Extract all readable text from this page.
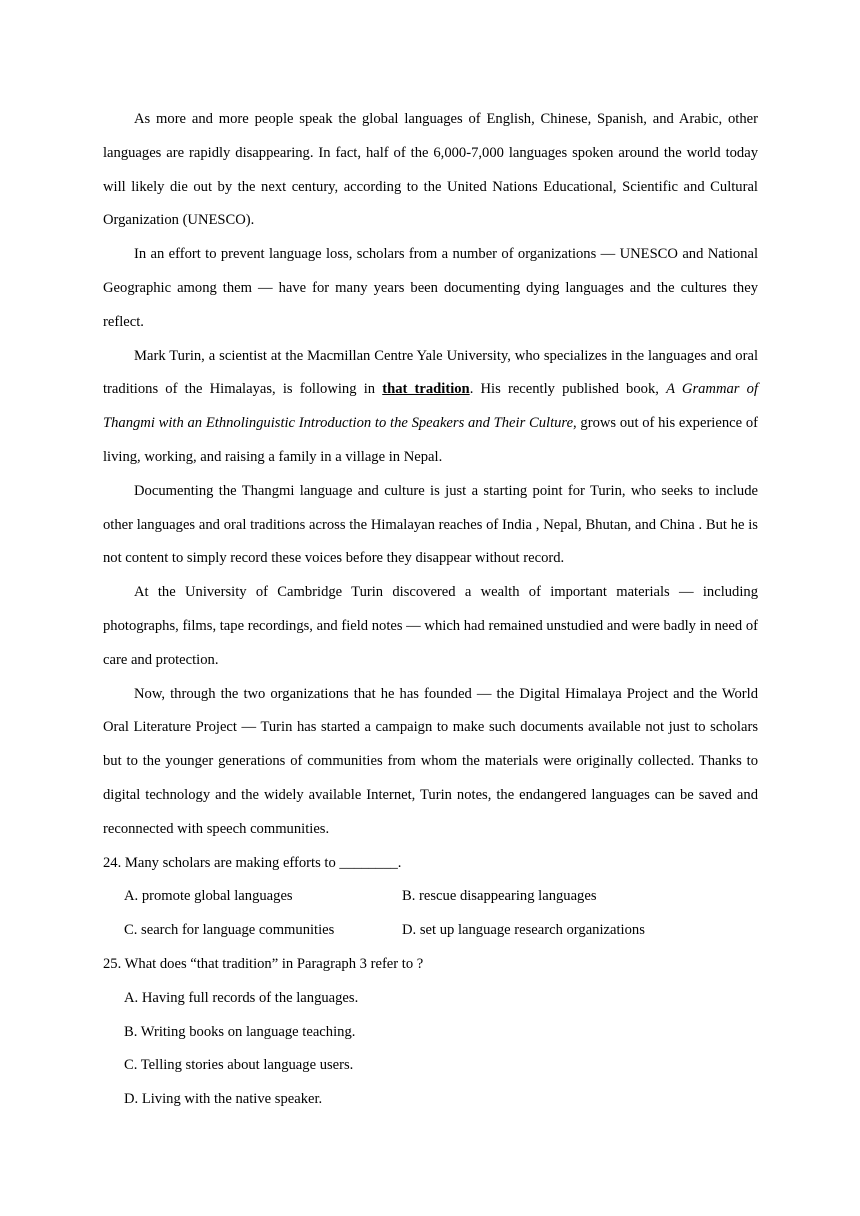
As more and more people speak the global languages of English, Chinese, Spanish, and Arabic, other languages are rapidly disappearing. In fact, half of the 6,000-7,000 languages spoken around the world today will likely die out by the next century, according to the United Nations Educational, Scientific and Cultural Organization (UNESCO).

In an effort to prevent language loss, scholars from a number of organizations — UNESCO and National Geographic among them — have for many years been documenting dying languages and the cultures they reflect.

Mark Turin, a scientist at the Macmillan Centre Yale University, who specializes in the languages and oral traditions of the Himalayas, is following in that tradition. His recently published book, A Grammar of Thangmi with an Ethnolinguistic Introduction to the Speakers and Their Culture, grows out of his experience of living, working, and raising a family in a village in Nepal.

Documenting the Thangmi language and culture is just a starting point for Turin, who seeks to include other languages and oral traditions across the Himalayan reaches of India , Nepal, Bhutan, and China . But he is not content to simply record these voices before they disappear without record.

At the University of Cambridge Turin discovered a wealth of important materials — including photographs, films, tape recordings, and field notes — which had remained unstudied and were badly in need of care and protection.

Now, through the two organizations that he has founded — the Digital Himalaya Project and the World Oral Literature Project — Turin has started a campaign to make such documents available not just to scholars but to the younger generations of communities from whom the materials were originally collected. Thanks to digital technology and the widely available Internet, Turin notes, the endangered languages can be saved and reconnected with speech communities.

24. Many scholars are making efforts to ________.

A. promote global languages	B. rescue disappearing languages
C. search for language communities	D. set up language research organizations

25. What does “that tradition” in Paragraph 3 refer to ?

A. Having full records of the languages.
B. Writing books on language teaching.
C. Telling stories about language users.
D. Living with the native speaker.
